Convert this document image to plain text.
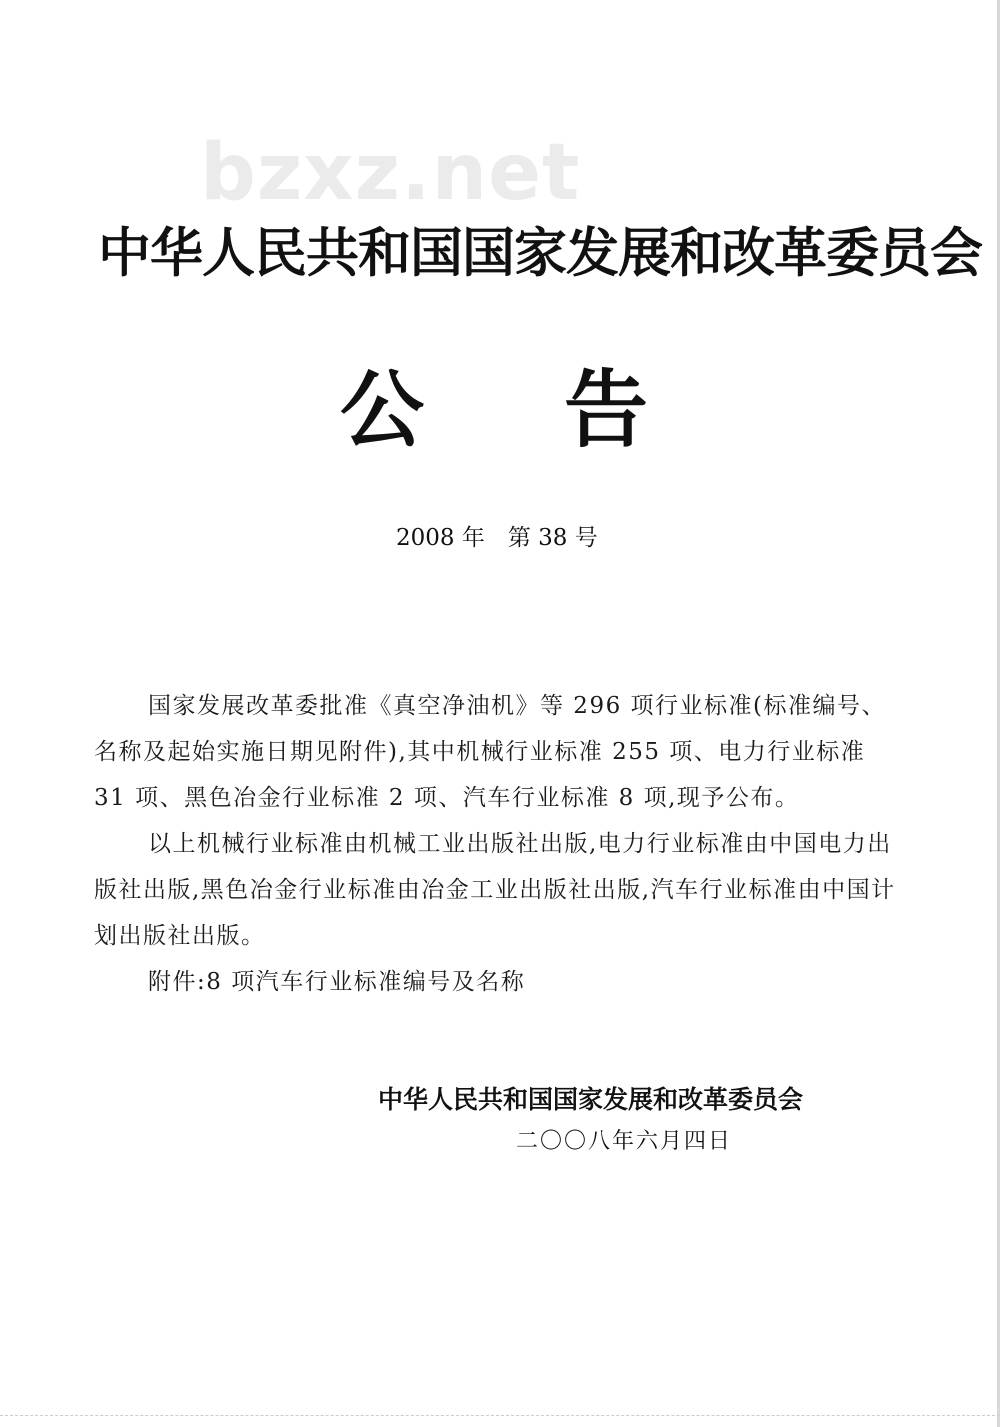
bzxz.net
中华人民共和国国家发展和改革委员会
公告
2008 年　第 38 号

国家发展改革委批准《真空净油机》等 296 项行业标准(标准编号、名称及起始实施日期见附件),其中机械行业标准 255 项、电力行业标准 31 项、黑色冶金行业标准 2 项、汽车行业标准 8 项,现予公布。

以上机械行业标准由机械工业出版社出版,电力行业标准由中国电力出版社出版,黑色冶金行业标准由冶金工业出版社出版,汽车行业标准由中国计划出版社出版。

附件:8 项汽车行业标准编号及名称

中华人民共和国国家发展和改革委员会
二〇〇八年六月四日
